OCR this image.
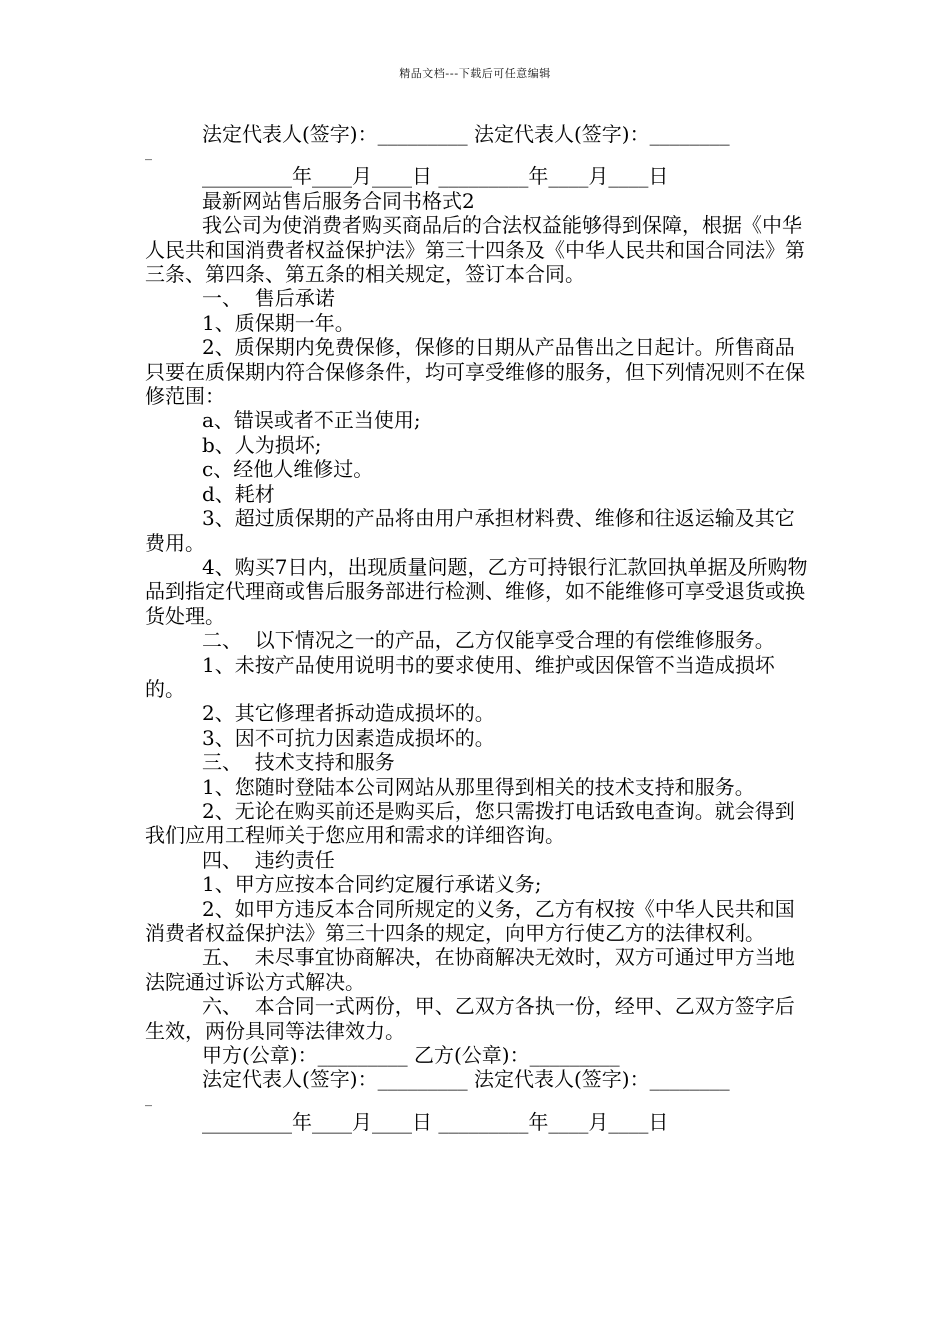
精品文档---下载后可任意编辑

法定代表人(签字)：_________ 法定代表人(签字)：________

_

_________年____月____日 _________年____月____日

最新网站售后服务合同书格式2

我公司为使消费者购买商品后的合法权益能够得到保障，根据《中华人民共和国消费者权益保护法》第三十四条及《中华人民共和国合同法》第三条、第四条、第五条的相关规定，签订本合同。

一、  售后承诺

1、质保期一年。

2、质保期内免费保修，保修的日期从产品售出之日起计。所售商品只要在质保期内符合保修条件，均可享受维修的服务，但下列情况则不在保修范围：

a、错误或者不正当使用;

b、人为损坏;

c、经他人维修过。

d、耗材

3、超过质保期的产品将由用户承担材料费、维修和往返运输及其它费用。

4、购买7日内，出现质量问题，乙方可持银行汇款回执单据及所购物品到指定代理商或售后服务部进行检测、维修，如不能维修可享受退货或换货处理。

二、  以下情况之一的产品，乙方仅能享受合理的有偿维修服务。

1、未按产品使用说明书的要求使用、维护或因保管不当造成损坏的。

2、其它修理者拆动造成损坏的。

3、因不可抗力因素造成损坏的。

三、  技术支持和服务

1、您随时登陆本公司网站从那里得到相关的技术支持和服务。

2、无论在购买前还是购买后，您只需拨打电话致电查询。就会得到我们应用工程师关于您应用和需求的详细咨询。

四、  违约责任

1、甲方应按本合同约定履行承诺义务;

2、如甲方违反本合同所规定的义务，乙方有权按《中华人民共和国消费者权益保护法》第三十四条的规定，向甲方行使乙方的法律权利。

五、  未尽事宜协商解决，在协商解决无效时，双方可通过甲方当地法院通过诉讼方式解决。

六、  本合同一式两份，甲、乙双方各执一份，经甲、乙双方签字后生效，两份具同等法律效力。

甲方(公章)：_________ 乙方(公章)：_________

法定代表人(签字)：_________ 法定代表人(签字)：________

_

_________年____月____日 _________年____月____日
